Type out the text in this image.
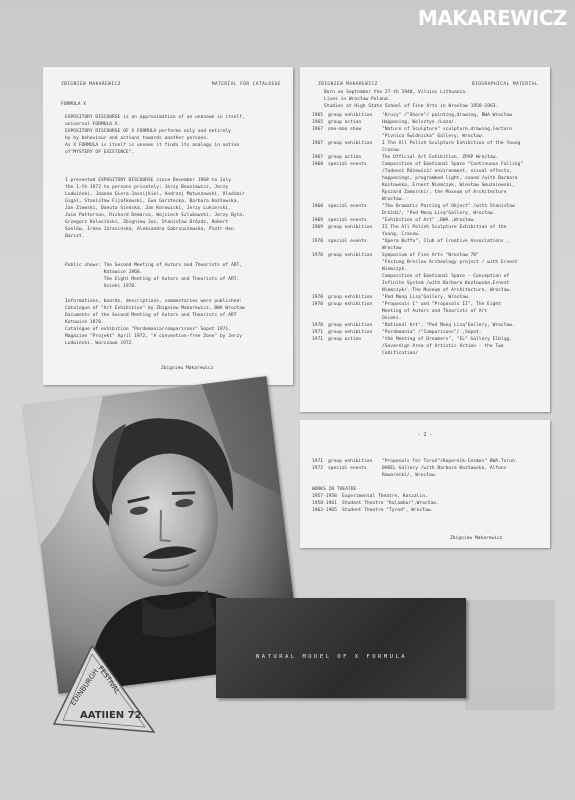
MAKAREWICZ
ZBIGNIEW MAKAREWICZ	MATERIAL FOR CATALOGUE
FORMULA X
EXPOSITORY DISCOURSE is an approximation of an unknown in itself,
universal FORMULA X.
EXPOSITORY DISCOURSE OF X FORMULA performs only and entirely
by by behaviour and actions towards another persons.
As X FORMULA is itself is unseen it finds its analogy in notion
of"MYSTERY OF EXISTENCE".
I presented EXPOSITORY DISCOURSE since December 1968 to July
the 1-th 1972 to persons privately: Jerzy Beaziewicz, Jerzy
Ludwiński, Joanna Giera-Jasnijkiel, Andrzej Matuszewski, Vladimir
Gigal, Stanisław Fijałkowski, Ewa Garstecka, Barbara Kozłowska,
Jan Ziemski, Danuta Sieńska, Jan Korowicki, Jerzy Lukierski,
Jaim Patterson, Richard Demarco, Wojciech Szlubowski, Jerzy Byta,
Grzegorz Kolasiński, Zbigniew Jez, Stanisław Drózdz, Robert
Szelów, Irena Jarosińska, Aleksandra Gabrzuszewska, Piotr Hen
Barszt.
Public shows: The Second Meeting of Autors and Theorists of ART,
Katowice 1968.
The Eight Meeting of Autors and Theorists of ART,
Osieki 1970.
Informations, boards, descriptions, commentaries were published:
Catalogue of "Art Exhibition" by Zbigniew Makarewicz, BWA Wrocław
Documents of the Second Meeting of Autors and Theorists of ART
Katowice 1970.
Catalogue of exhibition "Pordemania/comparisons" Sopot 1971.
Magazine "Projekt" April 1972, "A convention-free Zone" by Jerzy
Ludwiński, Warszawa 1972.
Zbigniew Makarewicz
ZBIGNIEW MAKAREWICZ	BIOGRAPHICAL MATERIAL
Born on September the 27-th 1940, Vilnius Lithuania.
Lives in Wrocław Poland.
Studies at High State School of Fine Arts in Wrocław 1958-1963.
1965	group exhibition	"Kruzy" /"Shore"/ painting,drawing, BWA Wrocław
1965	group action	Happening, Wolsztyn /Laza/.
1967	one-man show	"Nature of Sculpture" sculpture,drawing,lecture
"Pivnica Świdnicka" Gallery, Wrocław.
1967	group exhibition	I The All Polish Sculpture Exhibition of the Young
Cracow.
1967	group action	The Official Art Exhibition, ZPAP Wrocław.
1968	special events	Composition of Emotional Space "Continuous Falling"
/Tadeusz Różewicz/ environment, visual effects,
happenings, programmed light, sound /with Barbara
Kozłowska, Ernest Niemczyk, Wiesław Smużniewski,
Ryszard Zamorski/, the Museum of Architecture
Wrocław.
1968	special events	"The Dramatic Parsing of Object" /with Stanisław
Dróżdż/, "Pod Moną Lisą"Gallery, Wrocław.
1969	special events	"Exhibition of Art" ,BWA ,Wrocław.
1969	group exhibition	II The All Polish Sculpture Exhibition of the
Young, Cracow.
1970	special events	"Opera Buffa", Club of Creative Associations ,
Wrocław
1970	group exhibition	Symposium of Fine Arts "Wrocław 70"
"Festung Breslau Archeology project / with Ernest
Niemczyk.
Composition of Emotional Space - Conception of
Infinite System /with Barbara Kozłowska,Ernest
Niemczyk/. The Museum of Architecture, Wrocław.
1970	group exhibition	"Pod Moną Lisą"Gallery, Wrocław.
1970	group exhibition	"Proposals I" and "Proposals II", The Eight
Meeting of Autors and Theorists of Art
Osieki.
1970	group exhibition	"Rational Art", "Pod Moną Lisą"Gallery, Wrocław.
1971	group exhibition	"Pordemania" /"Comparisons"/ ,Sopot.
1971	group action	"the Meeting of Dreamers", "EL" Gallery Elbląg.
/Sovereign Area of Artistic Action - the Two
Codification/
- 2 -
1971	group exhibition	"Proposals for Toruń"/Kopernik-Cosmos" BWA,Toruń.
1972	special events	BAREL Gallery /with Barbara Kozłowska, Alfons
Rawarecki/, Wrocław.
WORKS IN THEATRE
1957-1958	Experimental Theatre, Koszalin.
1958-1961	Student Theatre "Kalambur",Wrocław.
1963-1965	Student Theatre "Tyrod", Wrocław.
Zbigniew Makarewicz
NATURAL MODEL OF X FORMULA
EDINBURGH
FESTIVAL
AATIIEN 72
